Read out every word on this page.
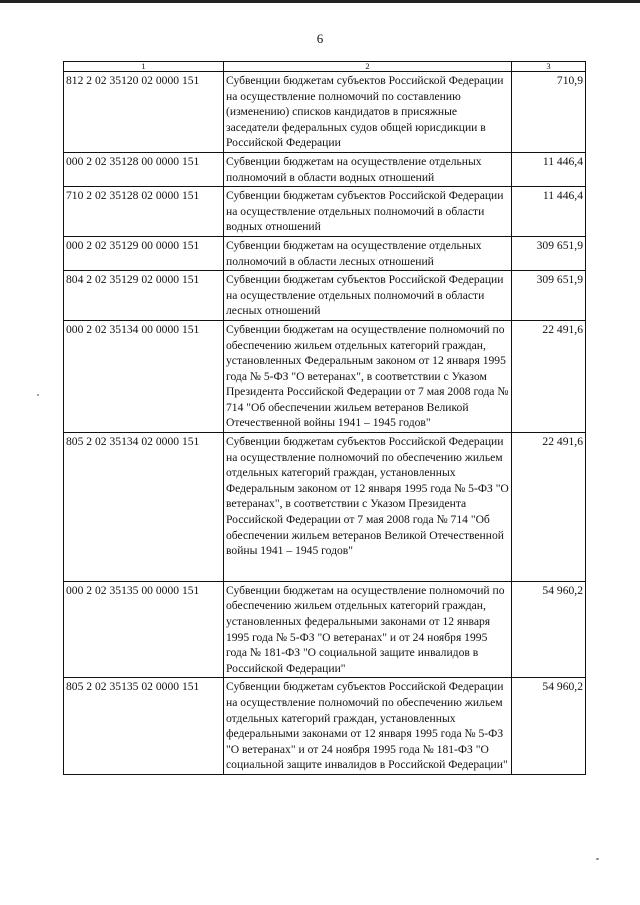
6
1	2	3
812 2 02 35120 02 0000 151	Субвенции бюджетам субъектов Российской Федерации на осуществление полномочий по составлению (изменению) списков кандидатов в присяжные заседатели федеральных судов общей юрисдикции в Российской Федерации	710,9
000 2 02 35128 00 0000 151	Субвенции бюджетам на осуществление отдельных полномочий в области водных отношений	11 446,4
710 2 02 35128 02 0000 151	Субвенции бюджетам субъектов Российской Федерации на осуществление отдельных полномочий в области водных отношений	11 446,4
000 2 02 35129 00 0000 151	Субвенции бюджетам на осуществление отдельных полномочий в области лесных отношений	309 651,9
804 2 02 35129 02 0000 151	Субвенции бюджетам субъектов Российской Федерации на осуществление отдельных полномочий в области лесных отношений	309 651,9
000 2 02 35134 00 0000 151	Субвенции бюджетам на осуществление полномочий по обеспечению жильем отдельных категорий граждан, установленных Федеральным законом от 12 января 1995 года № 5-ФЗ "О ветеранах", в соответствии с Указом Президента Российской Федерации от 7 мая 2008 года № 714 "Об обеспечении жильем ветеранов Великой Отечественной войны 1941 – 1945 годов"	22 491,6
805 2 02 35134 02 0000 151	Субвенции бюджетам субъектов Российской Федерации на осуществление полномочий по обеспечению жильем отдельных категорий граждан, установленных Федеральным законом от 12 января 1995 года № 5-ФЗ "О ветеранах", в соответствии с Указом Президента Российской Федерации от 7 мая 2008 года № 714 "Об обеспечении жильем ветеранов Великой Отечественной войны 1941 – 1945 годов"	22 491,6
000 2 02 35135 00 0000 151	Субвенции бюджетам на осуществление полномочий по обеспечению жильем отдельных категорий граждан, установленных федеральными законами от 12 января 1995 года № 5-ФЗ "О ветеранах" и от 24 ноября 1995 года № 181-ФЗ "О социальной защите инвалидов в Российской Федерации"	54 960,2
805 2 02 35135 02 0000 151	Субвенции бюджетам субъектов Российской Федерации на осуществление полномочий по обеспечению жильем отдельных категорий граждан, установленных федеральными законами от 12 января 1995 года № 5-ФЗ "О ветеранах" и от 24 ноября 1995 года № 181-ФЗ "О социальной защите инвалидов в Российской Федерации"	54 960,2
